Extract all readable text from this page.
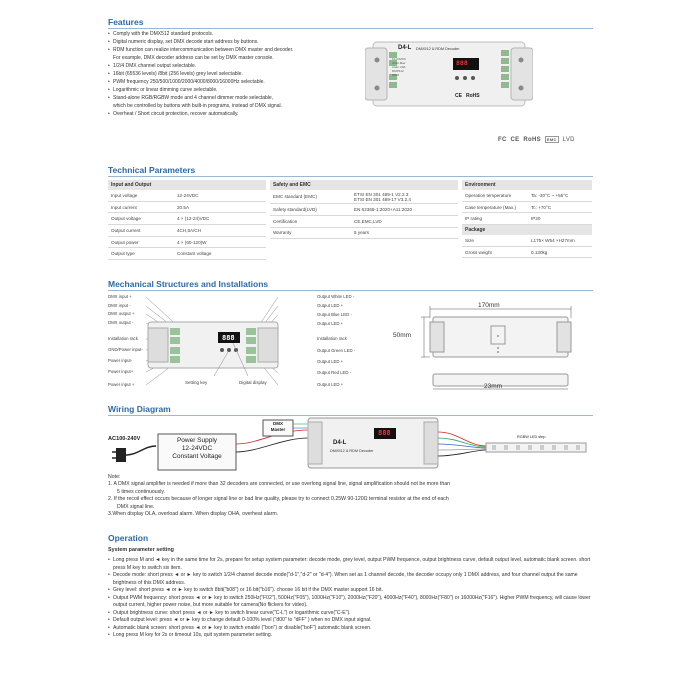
Features
• Comply with the DMX512 standard protocols.
• Digital numeric display, set DMX decode start address by buttons.
• RDM function can realize intercommunication between DMX master and decoder.
For example, DMX decoder address can be set by DMX master console.
• 1/2/4 DMX channel output selectable.
• 16bit (65536 levels) /8bit (256 levels) grey level selectable.
• PWM frequency 250/500/1000/2000/4000/8000/16000Hz selectable.
• Logarithmic or linear dimming curve selectable.
• Stand-alone RGB/RGBW mode and 4 channel dimmer mode selectable,
which be controlled by buttons with built-in programs, instead of DMX signal.
• Overheat / Short circuit protection, recover automatically.
D4-L DMX512 & RDM Decoder
888
RoHS
CE
12-24VDC
4×5A Max
Imax: 20A
DMX512
RDM
FC CE RoHS EMC LVD
Technical Parameters
Input and Output	
Input voltage	12-24VDC
Input current	20.5A
Output voltage	4 × (12-24)VDC
Output current	4CH,5A/CH
Output power	4 × (60-120)W
Output type	Constant voltage
Safety and EMC	
EMC standard (EMC)	ETSI EN 301 489-1 V2.2.3
ETSI EN 301 489-17 V3.2.4

Safety standard(LVD)	EN 62368-1:2020+A11:2020
Certification	CE,EMC,LVD
Warranty	5 years
Environment	
Operation temperature	Ta: -30°C ~ +55°C
Case temperature (Max.)	Tc: +70°C
IP rating	IP20
Package	
Size	L175× W54 ×H27mm
Gross weight	0.130kg
Mechanical Structures and Installations
DMX input +
DMX input -
DMX output +
DMX output -
Installation rack
GND/Power input-
Power input-
Power input+
Power input +
Output White LED -
Output LED +
Output Blue LED -
Output LED +
Installation rack
Output Green LED -
Output LED +
Output Red LED -
Output LED +
Setting key	Digital display
888
170mm
50mm
23mm
Wiring Diagram
AC100-240V	Power Supply
12-24VDC
Constant Voltage
DMX
Master
D4-L
DMX512 & RDM Decoder
888	RGBW LED strip

Note:

1. A DMX signal amplifier is needed if more than 32 decoders are connected, or use overlong signal line, signal amplification should not be more than

5 times continuously.

2. If the recoil effect occurs because of longer signal line or bad line quality, please try to connect 0.25W 90-120Ω terminal resistor at the end of each

DMX signal line.

3.When display OLA, overload alarm. When display OHA, overheat alarm.

Operation
System parameter setting
• Long press M and ◄ key in the same time for 2s, prepare for setup system parameter: decode mode, grey level, output PWM frequence, output brightness curve, default output level, automatic blank screen. short press M key to switch six item.
• Decode mode: short press ◄ or ► key to switch 1/2/4 channel decode mode("d-1","d-2" or "d-4"). When set as 1 channel decode, the decoder occupy only 1 DMX address, and four channel output the same brightness of this DMX address.
• Grey level: short press ◄ or ► key to switch 8bit("b08") or 16 bit("b16"). choose 16 bit if the DMX master support 16 bit.
• Output PWM frequency: short press ◄ or ► key to switch 250Hz("F02"), 500Hz("F05"), 1000Hz("F10"), 2000Hz("F20"), 4000Hz("F40"), 8000Hz("F80") or 16000Hz("F16"). Higher PWM frequency, will cause lower output current, higher power noise, but more suitable for camera(No flickers for video).
• Output brightness curve: short press ◄ or ► key to switch linear curve("C-L") or logarithmic curve("C-E").
• Default output level: press ◄ or ► key to change default 0-100% level ("d00" to "dFF" ) when no DMX input signal.
• Automatic blank screen: short press ◄ or ► key to switch enable ("bon") or disable("boF") automatic blank screen.
• Long press M key for 2s or timeout 10s, quit system parameter setting.
